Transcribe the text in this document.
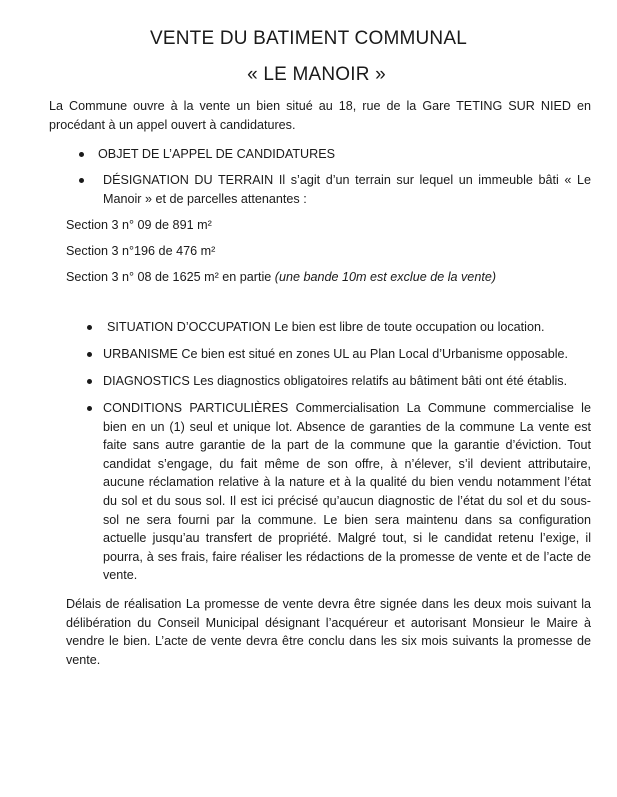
VENTE DU BATIMENT COMMUNAL
« LE MANOIR »
La Commune ouvre à la vente un bien situé au 18, rue de la Gare TETING SUR NIED en procédant à un appel ouvert à candidatures.
OBJET DE L’APPEL DE CANDIDATURES
DÉSIGNATION DU TERRAIN Il s’agit d’un terrain sur lequel un immeuble bâti « Le Manoir » et de parcelles attenantes :
Section 3 n° 09 de 891 m²
Section 3 n°196 de 476 m²
Section 3 n° 08 de 1625 m² en partie (une bande 10m est exclue de la vente)
SITUATION D’OCCUPATION Le bien est libre de toute occupation ou location.
URBANISME Ce bien est situé en zones UL au Plan Local d’Urbanisme opposable.
DIAGNOSTICS Les diagnostics obligatoires relatifs au bâtiment bâti ont été établis.
CONDITIONS PARTICULIÈRES Commercialisation La Commune commercialise le bien en un (1) seul et unique lot. Absence de garanties de la commune La vente est faite sans autre garantie de la part de la commune que la garantie d’éviction. Tout candidat s’engage, du fait même de son offre, à n’élever, s’il devient attributaire, aucune réclamation relative à la nature et à la qualité du bien vendu notamment l’état du sol et du sous sol. Il est ici précisé qu’aucun diagnostic de l’état du sol et du sous-sol ne sera fourni par la commune. Le bien sera maintenu dans sa configuration actuelle jusqu’au transfert de propriété. Malgré tout, si le candidat retenu l’exige, il pourra, à ses frais, faire réaliser les rédactions de la promesse de vente et de l’acte de vente.
Délais de réalisation La promesse de vente devra être signée dans les deux mois suivant la délibération du Conseil Municipal désignant l’acquéreur et autorisant Monsieur le Maire à vendre le bien. L’acte de vente devra être conclu dans les six mois suivants la promesse de vente.
